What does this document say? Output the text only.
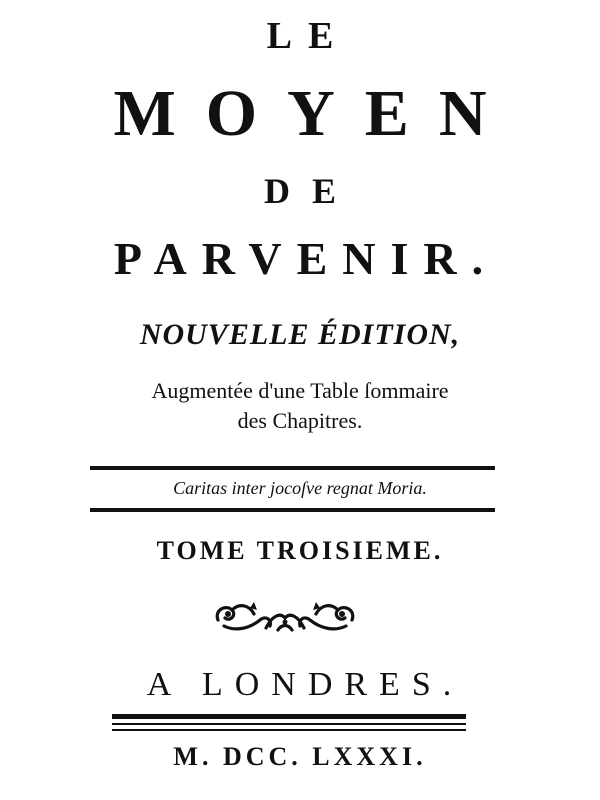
LE
MOYEN
DE
PARVENIR.
NOUVELLE ÉDITION,
Augmentée d'une Table ſommaire
des Chapitres.
Caritas inter jocoſve regnat Moria.
TOME TROISIEME.
A LONDRES.
M. DCC. LXXXI.
